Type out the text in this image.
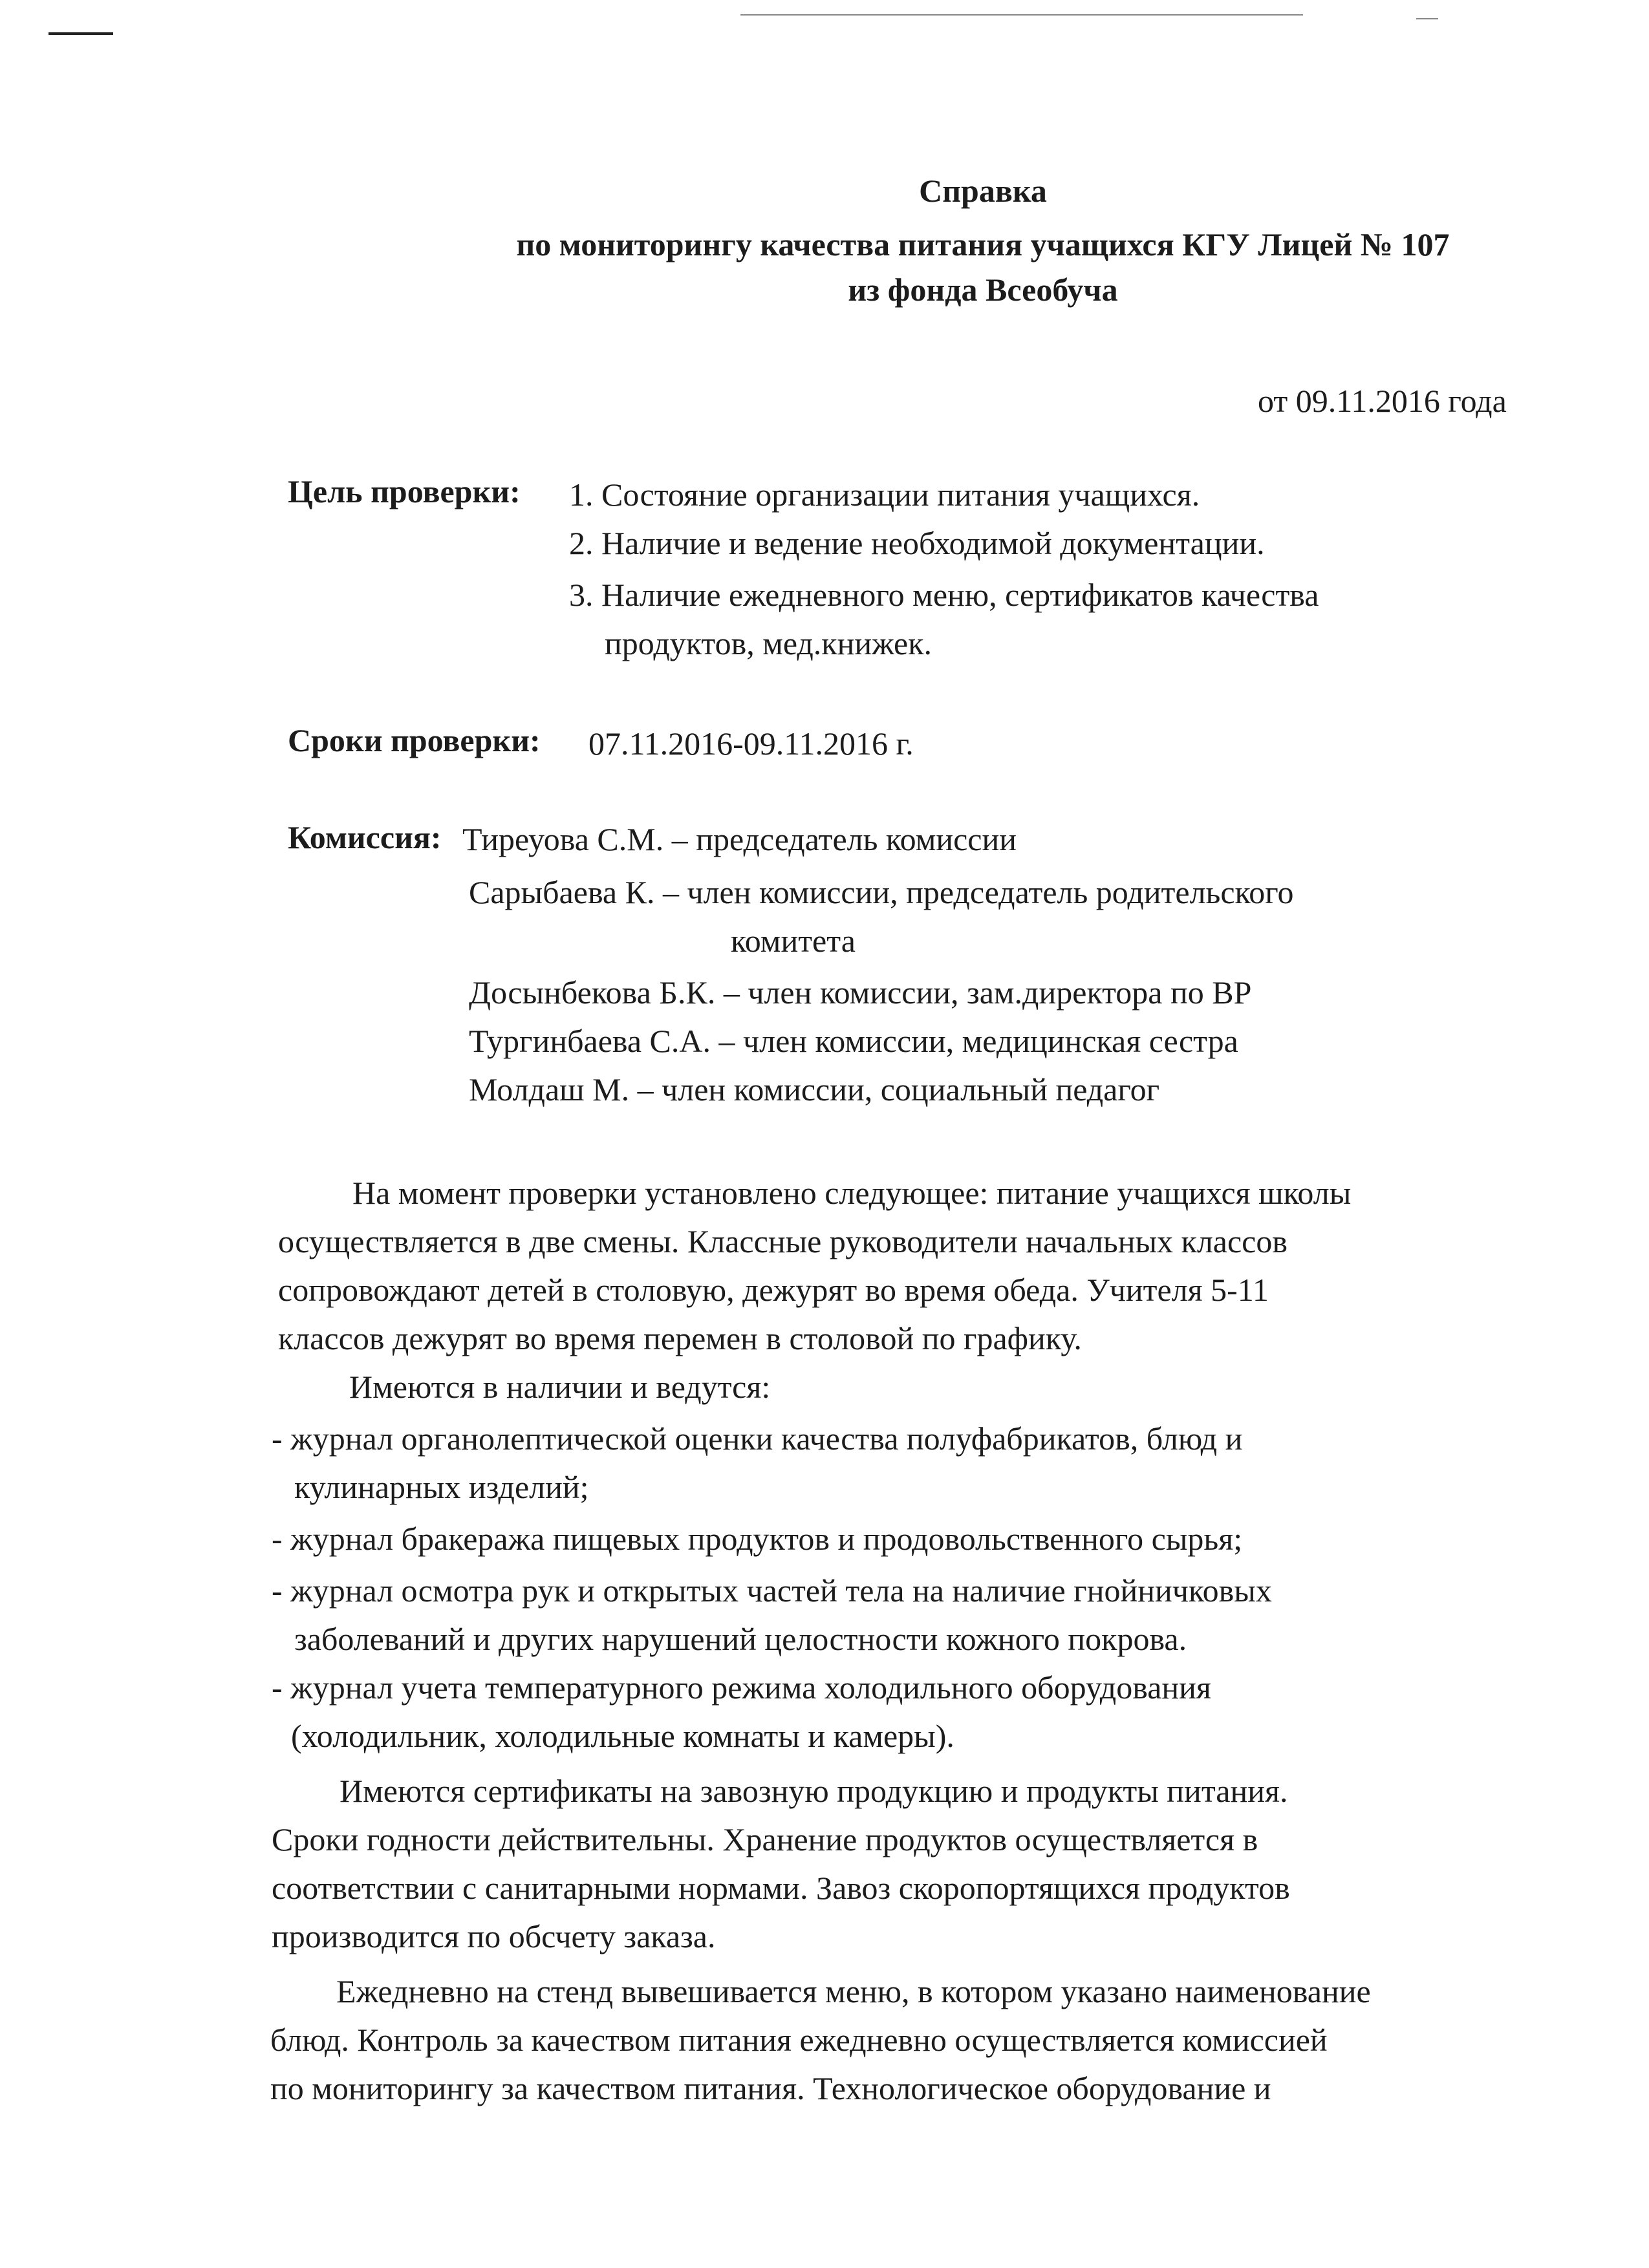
Справка
по мониторингу качества питания учащихся КГУ Лицей № 107
из фонда Всеобуча
от 09.11.2016 года
Цель проверки: 1. Состояние организации питания учащихся.
2. Наличие и ведение необходимой документации.
3. Наличие ежедневного меню, сертификатов качества
продуктов, мед.книжек.
Сроки проверки: 07.11.2016-09.11.2016 г.
Комиссия: Тиреуова С.М. – председатель комиссии
Сарыбаева К. – член комиссии, председатель родительского
комитета
Досынбекова Б.К. – член комиссии, зам.директора по ВР
Тургинбаева С.А. – член комиссии, медицинская сестра
Молдаш М. – член комиссии, социальный педагог
На момент проверки установлено следующее: питание учащихся школы
осуществляется в две смены. Классные руководители начальных классов
сопровождают детей в столовую, дежурят во время обеда. Учителя 5-11
классов дежурят во время перемен в столовой по графику.
Имеются в наличии и ведутся:
- журнал органолептической оценки качества полуфабрикатов, блюд и
кулинарных изделий;
- журнал бракеража пищевых продуктов и продовольственного сырья;
- журнал осмотра рук и открытых частей тела на наличие гнойничковых
заболеваний и других нарушений целостности кожного покрова.
- журнал учета температурного режима холодильного оборудования
(холодильник, холодильные комнаты и камеры).
Имеются сертификаты на завозную продукцию и продукты питания.
Сроки годности действительны. Хранение продуктов осуществляется в
соответствии с санитарными нормами. Завоз скоропортящихся продуктов
производится по обсчету заказа.
Ежедневно на стенд вывешивается меню, в котором указано наименование
блюд. Контроль за качеством питания ежедневно осуществляется комиссией
по мониторингу за качеством питания. Технологическое оборудование и
